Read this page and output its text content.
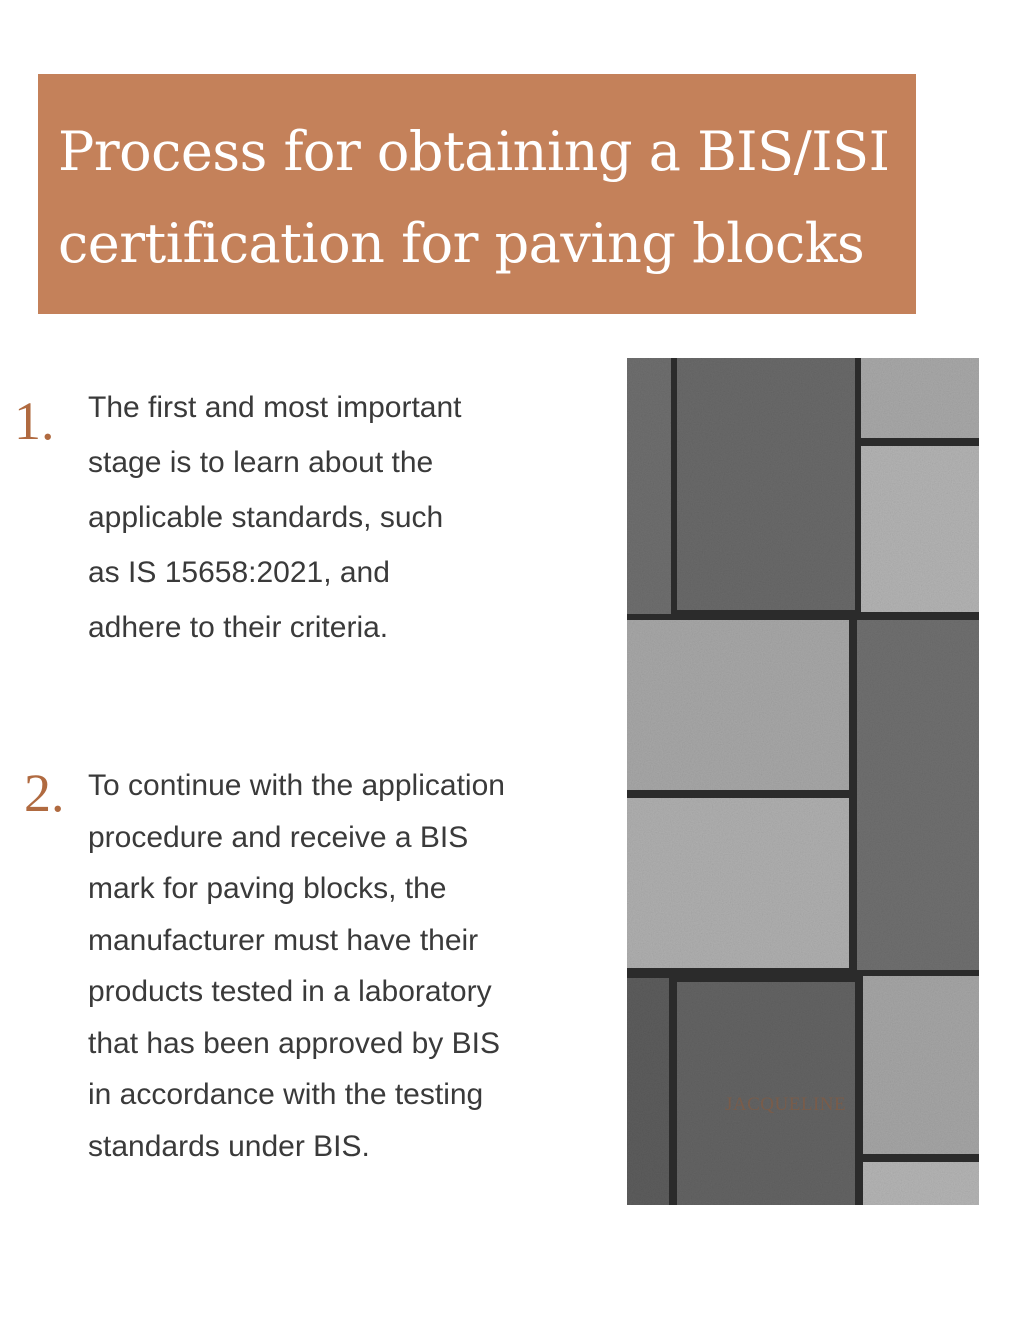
Process for obtaining a BIS/ISI
certification for paving blocks
1. The first and most important
stage is to learn about the
applicable standards, such
as IS 15658:2021, and
adhere to their criteria.

2. To continue with the application
procedure and receive a BIS
mark for paving blocks, the
manufacturer must have their
products tested in a laboratory
that has been approved by BIS
in accordance with the testing
standards under BIS.

JACQUELINE
